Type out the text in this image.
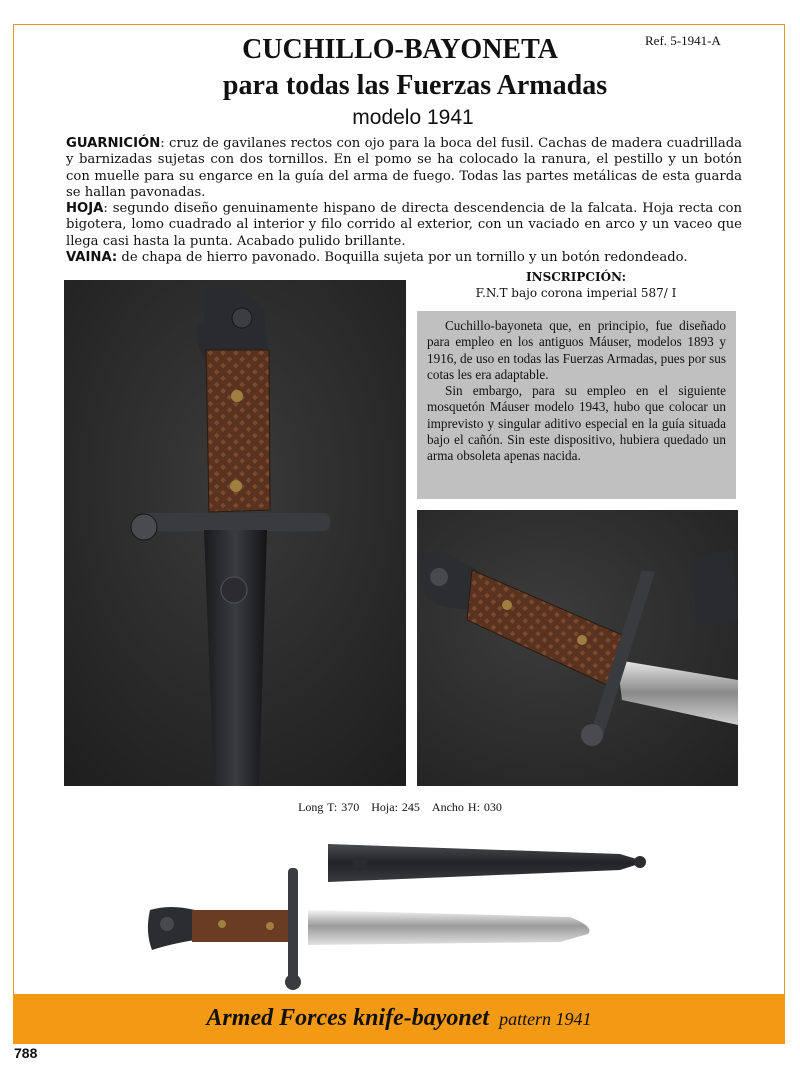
Ref. 5-1941-A
CUCHILLO-BAYONETA
para todas las Fuerzas Armadas
modelo 1941

GUARNICIÓN: cruz de gavilanes rectos con ojo para la boca del fusil. Cachas de madera cuadrillada y barnizadas sujetas con dos tornillos. En el pomo se ha colocado la ranura, el pestillo y un botón con muelle para su engarce en la guía del arma de fuego. Todas las partes metálicas de esta guarda se hallan pavonadas.

HOJA: segundo diseño genuinamente hispano de directa descendencia de la falcata. Hoja recta con bigotera, lomo cuadrado al interior y filo corrido al exterior, con un vaciado en arco y un vaceo que llega casi hasta la punta. Acabado pulido brillante.

VAINA: de chapa de hierro pavonado. Boquilla sujeta por un tornillo y un botón redondeado.

INSCRIPCIÓN:
F.N.T bajo corona imperial 587/ I

Cuchillo-bayoneta que, en principio, fue diseñado para empleo en los antiguos Máuser, modelos 1893 y 1916, de uso en todas las Fuerzas Armadas, pues por sus cotas les era adaptable.

Sin embargo, para su empleo en el siguiente mosquetón Máuser modelo 1943, hubo que colocar un imprevisto y singular aditivo especial en la guía situada bajo el cañón. Sin este dispositivo, hubiera quedado un arma obsoleta apenas nacida.

Long T: 370 Hoja: 245 Ancho H: 030
Armed Forces knife-bayonet pattern 1941
788
